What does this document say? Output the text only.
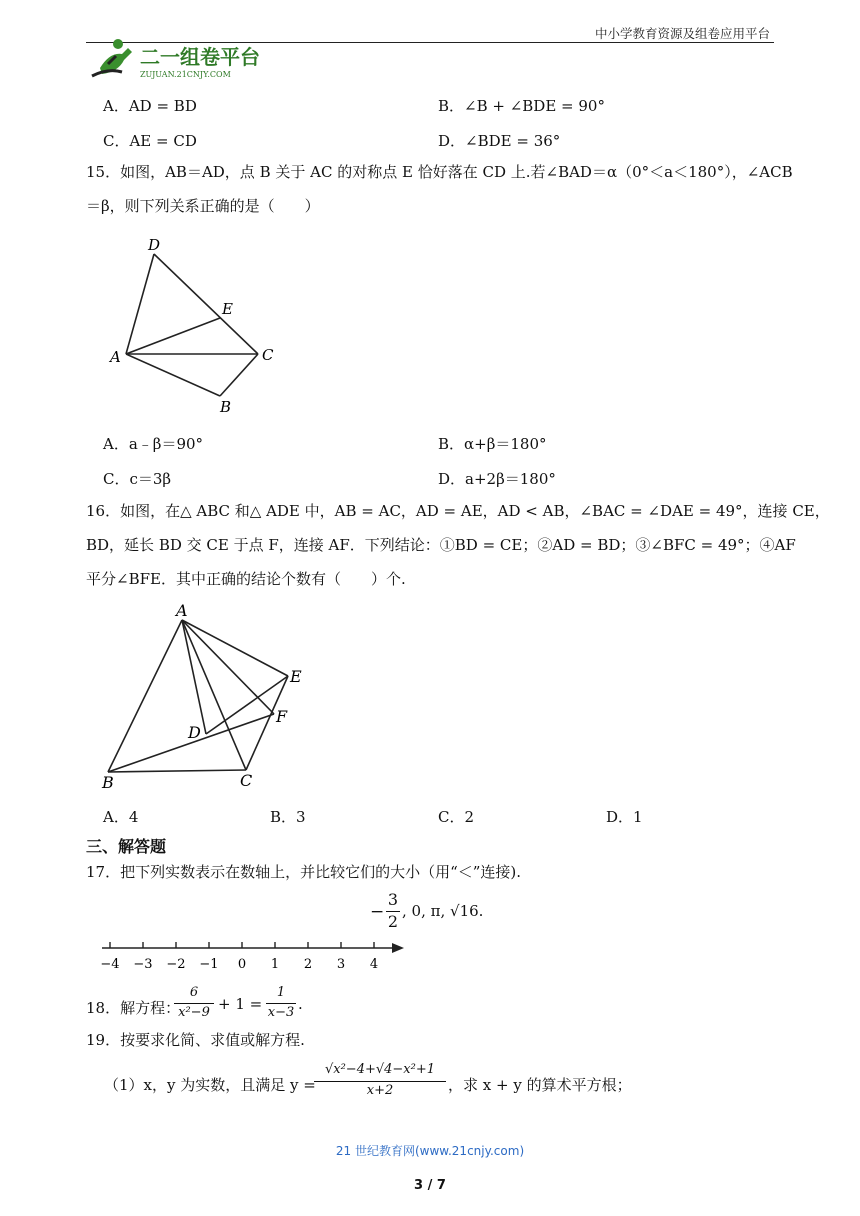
中小学教育资源及组卷应用平台
二一组卷平台
ZUJUAN.21CNJY.COM
A．AD = BD	B．∠B + ∠BDE = 90°
C．AE = CD	D．∠BDE = 36°
15．如图，AB＝AD，点 B 关于 AC 的对称点 E 恰好落在 CD 上.若∠BAD＝α（0°＜a＜180°），∠ACB
＝β，则下列关系正确的是（　　）
D
E
A	C
B
A．a﹣β＝90°	B．α+β＝180°
C．c＝3β	D．a+2β＝180°
16．如图，在△ ABC 和△ ADE 中，AB = AC，AD = AE，AD < AB，∠BAC = ∠DAE = 49°，连接 CE，
BD，延长 BD 交 CE 于点 F，连接 AF．下列结论：①BD = CE；②AD = BD；③∠BFC = 49°；④AF
平分∠BFE．其中正确的结论个数有（　　）个.
A
E
F
D
B	C
A．4	B．3	C．2	D．1
三、解答题
17．把下列实数表示在数轴上，并比较它们的大小（用“＜”连接).
−
3
2
, 0, π, √16.
−4 −3 −2 −1 0 1 2 3 4
18．解方程：
6
x²−9 + 1 =
1
x−3 .
19．按要求化简、求值或解方程.
（1）x，y 为实数，且满足 y =
√x²−4+√4−x²+1
x+2	，求 x + y 的算术平方根；
21 世纪教育网(www.21cnjy.com)
3 / 7
